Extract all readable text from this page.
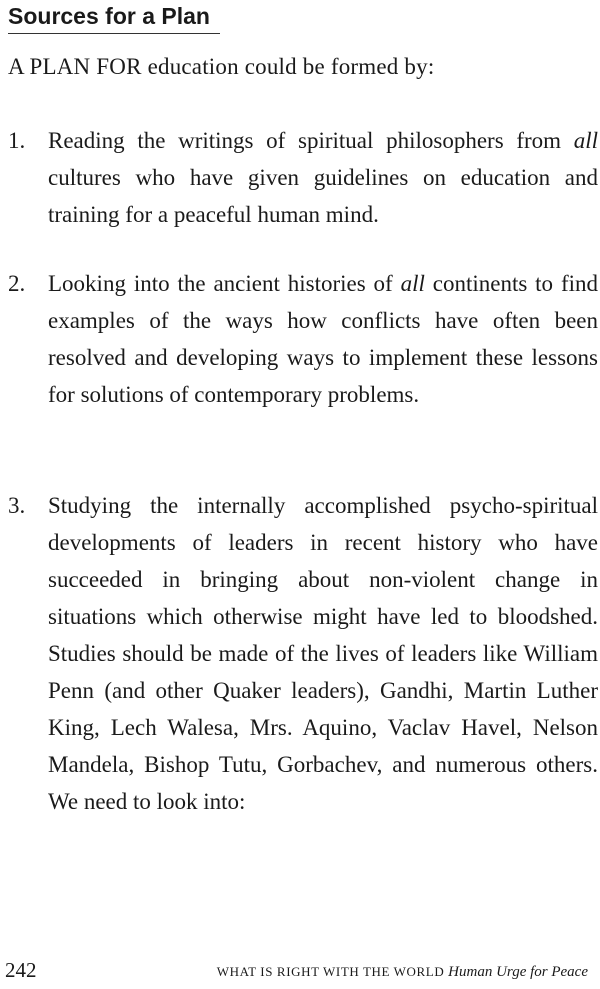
Sources for a Plan

A PLAN FOR education could be formed by:

1. Reading the writings of spiritual philosophers from all cultures who have given guidelines on education and training for a peaceful human mind.
2. Looking into the ancient histories of all continents to find examples of the ways how conflicts have often been resolved and developing ways to implement these lessons for solutions of contemporary problems.
3. Studying the internally accomplished psycho-spiritual developments of leaders in recent history who have succeeded in bringing about non-violent change in situations which otherwise might have led to bloodshed. Studies should be made of the lives of leaders like William Penn (and other Quaker leaders), Gandhi, Martin Luther King, Lech Walesa, Mrs. Aquino, Vaclav Havel, Nelson Mandela, Bishop Tutu, Gorbachev, and numerous others. We need to look into:
242	WHAT IS RIGHT WITH THE WORLD Human Urge for Peace
